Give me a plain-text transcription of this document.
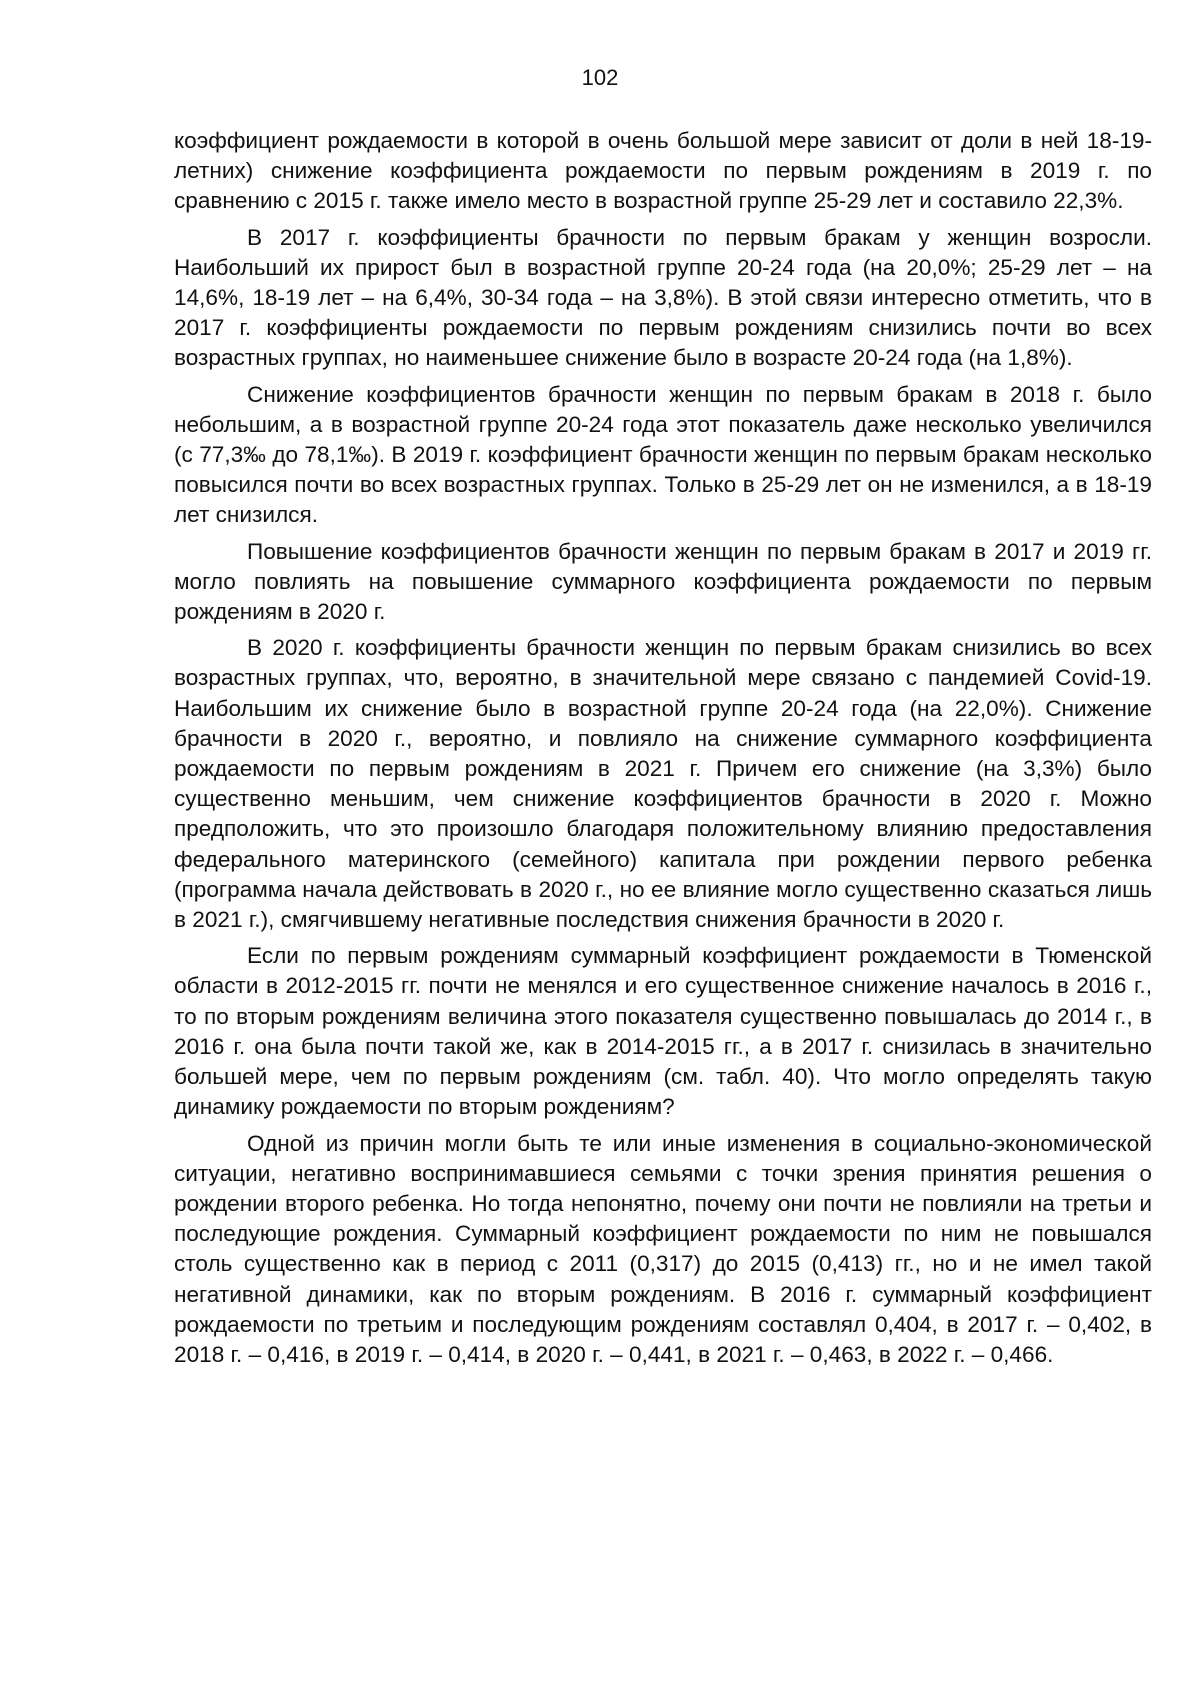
102

коэффициент рождаемости в которой в очень большой мере зависит от доли в ней 18-19-летних) снижение коэффициента рождаемости по первым рождениям в 2019 г. по сравнению с 2015 г. также имело место в возрастной группе 25-29 лет и составило 22,3%.

В 2017 г. коэффициенты брачности по первым бракам у женщин возросли. Наибольший их прирост был в возрастной группе 20-24 года (на 20,0%; 25-29 лет – на 14,6%, 18-19 лет – на 6,4%, 30-34 года – на 3,8%). В этой связи интересно отметить, что в 2017 г. коэффициенты рождаемости по первым рождениям снизились почти во всех возрастных группах, но наименьшее снижение было в возрасте 20-24 года (на 1,8%).

Снижение коэффициентов брачности женщин по первым бракам в 2018 г. было небольшим, а в возрастной группе 20-24 года этот показатель даже несколько увеличился (с 77,3‰ до 78,1‰). В 2019 г. коэффициент брачности женщин по первым бракам несколько повысился почти во всех возрастных группах. Только в 25-29 лет он не изменился, а в 18-19 лет снизился.

Повышение коэффициентов брачности женщин по первым бракам в 2017 и 2019 гг. могло повлиять на повышение суммарного коэффициента рождаемости по первым рождениям в 2020 г.

В 2020 г. коэффициенты брачности женщин по первым бракам снизились во всех возрастных группах, что, вероятно, в значительной мере связано с пандемией Covid-19. Наибольшим их снижение было в возрастной группе 20-24 года (на 22,0%). Снижение брачности в 2020 г., вероятно, и повлияло на снижение суммарного коэффициента рождаемости по первым рождениям в 2021 г. Причем его снижение (на 3,3%) было существенно меньшим, чем снижение коэффициентов брачности в 2020 г. Можно предположить, что это произошло благодаря положительному влиянию предоставления федерального материнского (семейного) капитала при рождении первого ребенка (программа начала действовать в 2020 г., но ее влияние могло существенно сказаться лишь в 2021 г.), смягчившему негативные последствия снижения брачности в 2020 г.

Если по первым рождениям суммарный коэффициент рождаемости в Тюменской области в 2012-2015 гг. почти не менялся и его существенное снижение началось в 2016 г., то по вторым рождениям величина этого показателя существенно повышалась до 2014 г., в 2016 г. она была почти такой же, как в 2014-2015 гг., а в 2017 г. снизилась в значительно большей мере, чем по первым рождениям (см. табл. 40). Что могло определять такую динамику рождаемости по вторым рождениям?

Одной из причин могли быть те или иные изменения в социально-экономической ситуации, негативно воспринимавшиеся семьями с точки зрения принятия решения о рождении второго ребенка. Но тогда непонятно, почему они почти не повлияли на третьи и последующие рождения. Суммарный коэффициент рождаемости по ним не повышался столь существенно как в период с 2011 (0,317) до 2015 (0,413) гг., но и не имел такой негативной динамики, как по вторым рождениям. В 2016 г. суммарный коэффициент рождаемости по третьим и последующим рождениям составлял 0,404, в 2017 г. – 0,402, в 2018 г. – 0,416, в 2019 г. – 0,414, в 2020 г. – 0,441, в 2021 г. – 0,463, в 2022 г. – 0,466.
